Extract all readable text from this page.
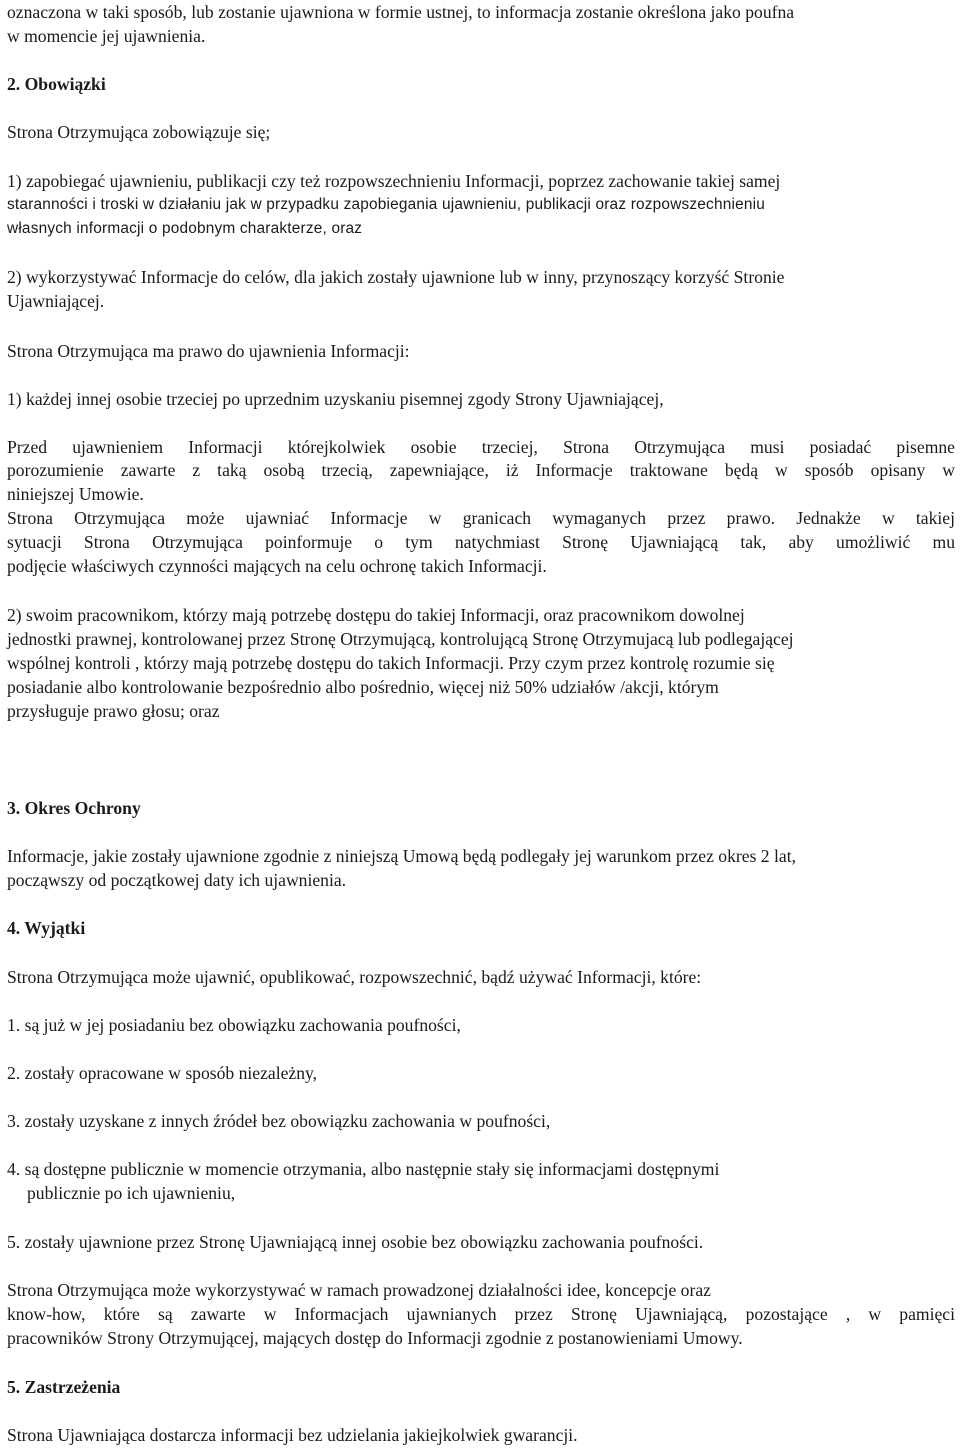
oznaczona w taki sposób, lub zostanie ujawniona w formie ustnej, to informacja zostanie określona jako poufna

w momencie jej ujawnienia.

2. Obowiązki

Strona Otrzymująca zobowiązuje się;

1) zapobiegać ujawnieniu, publikacji czy też rozpowszechnieniu Informacji, poprzez zachowanie takiej samej

staranności i troski w działaniu jak w przypadku zapobiegania ujawnieniu, publikacji oraz rozpowszechnieniu

własnych informacji o podobnym charakterze, oraz

2) wykorzystywać Informacje do celów, dla jakich zostały ujawnione lub w inny, przynoszący korzyść Stronie

Ujawniającej.

Strona Otrzymująca ma prawo do ujawnienia Informacji:

1) każdej innej osobie trzeciej po uprzednim uzyskaniu pisemnej zgody Strony Ujawniającej,

Przed ujawnieniem Informacji którejkolwiek osobie trzeciej, Strona Otrzymująca musi posiadać pisemne

porozumienie zawarte z taką osobą trzecią, zapewniające, iż Informacje traktowane będą w sposób opisany w

niniejszej Umowie.

Strona Otrzymująca może ujawniać Informacje w granicach wymaganych przez prawo. Jednakże w takiej

sytuacji Strona Otrzymująca poinformuje o tym natychmiast Stronę Ujawniającą tak, aby umożliwić mu

podjęcie właściwych czynności mających na celu ochronę takich Informacji.

2) swoim pracownikom, którzy mają potrzebę dostępu do takiej Informacji, oraz pracownikom dowolnej

jednostki prawnej, kontrolowanej przez Stronę Otrzymującą, kontrolującą Stronę Otrzymujacą lub podlegającej

wspólnej kontroli , którzy mają potrzebę dostępu do takich Informacji. Przy czym przez kontrolę rozumie się

posiadanie albo kontrolowanie bezpośrednio albo pośrednio, więcej niż 50% udziałów /akcji, którym

przysługuje prawo głosu; oraz

3. Okres Ochrony

Informacje, jakie zostały ujawnione zgodnie z niniejszą Umową będą podlegały jej warunkom przez okres 2 lat,

począwszy od początkowej daty ich ujawnienia.

4. Wyjątki

Strona Otrzymująca może ujawnić, opublikować, rozpowszechnić, bądź używać Informacji, które:

1. są już w jej posiadaniu bez obowiązku zachowania poufności,

2. zostały opracowane w sposób niezależny,

3. zostały uzyskane z innych źródeł bez obowiązku zachowania w poufności,

4. są dostępne publicznie w momencie otrzymania, albo następnie stały się informacjami dostępnymi

publicznie po ich ujawnieniu,

5. zostały ujawnione przez Stronę Ujawniającą innej osobie bez obowiązku zachowania poufności.

Strona Otrzymująca może wykorzystywać w ramach prowadzonej działalności idee, koncepcje oraz

know-how, które są zawarte w Informacjach ujawnianych przez Stronę Ujawniającą, pozostające , w pamięci

pracowników Strony Otrzymującej, mających dostęp do Informacji zgodnie z postanowieniami Umowy.

5. Zastrzeżenia

Strona Ujawniająca dostarcza informacji bez udzielania jakiejkolwiek gwarancji.
